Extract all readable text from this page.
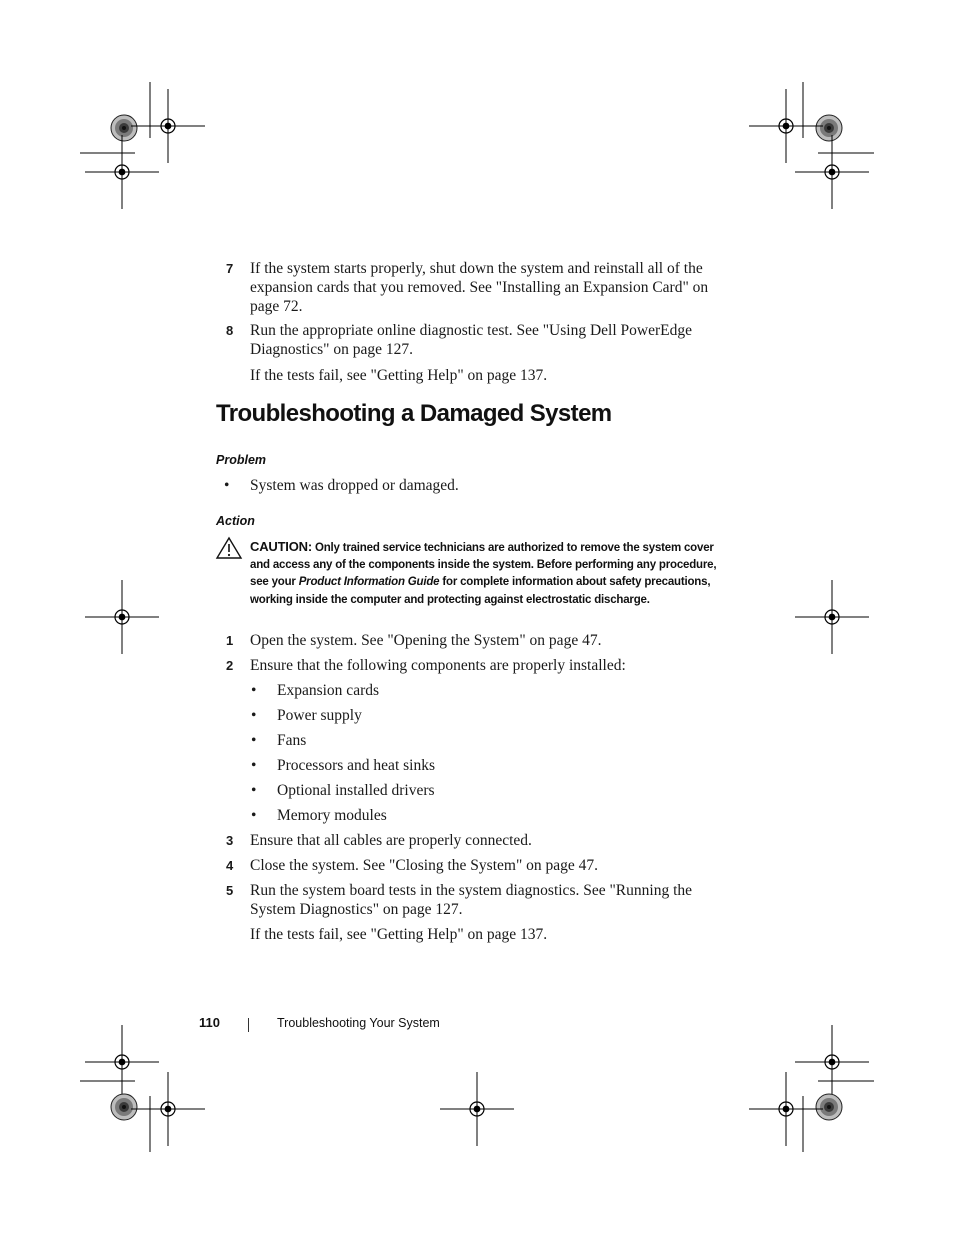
7 If the system starts properly, shut down the system and reinstall all of the expansion cards that you removed. See "Installing an Expansion Card" on page 72.
8 Run the appropriate online diagnostic test. See "Using Dell PowerEdge Diagnostics" on page 127.
If the tests fail, see "Getting Help" on page 137.
Troubleshooting a Damaged System
Problem
• System was dropped or damaged.
Action
CAUTION: Only trained service technicians are authorized to remove the system cover and access any of the components inside the system. Before performing any procedure, see your Product Information Guide for complete information about safety precautions, working inside the computer and protecting against electrostatic discharge.
1 Open the system. See "Opening the System" on page 47.
2 Ensure that the following components are properly installed:
• Expansion cards
• Power supply
• Fans
• Processors and heat sinks
• Optional installed drivers
• Memory modules
3 Ensure that all cables are properly connected.
4 Close the system. See "Closing the System" on page 47.
5 Run the system board tests in the system diagnostics. See "Running the System Diagnostics" on page 127.
If the tests fail, see "Getting Help" on page 137.
110	Troubleshooting Your System
